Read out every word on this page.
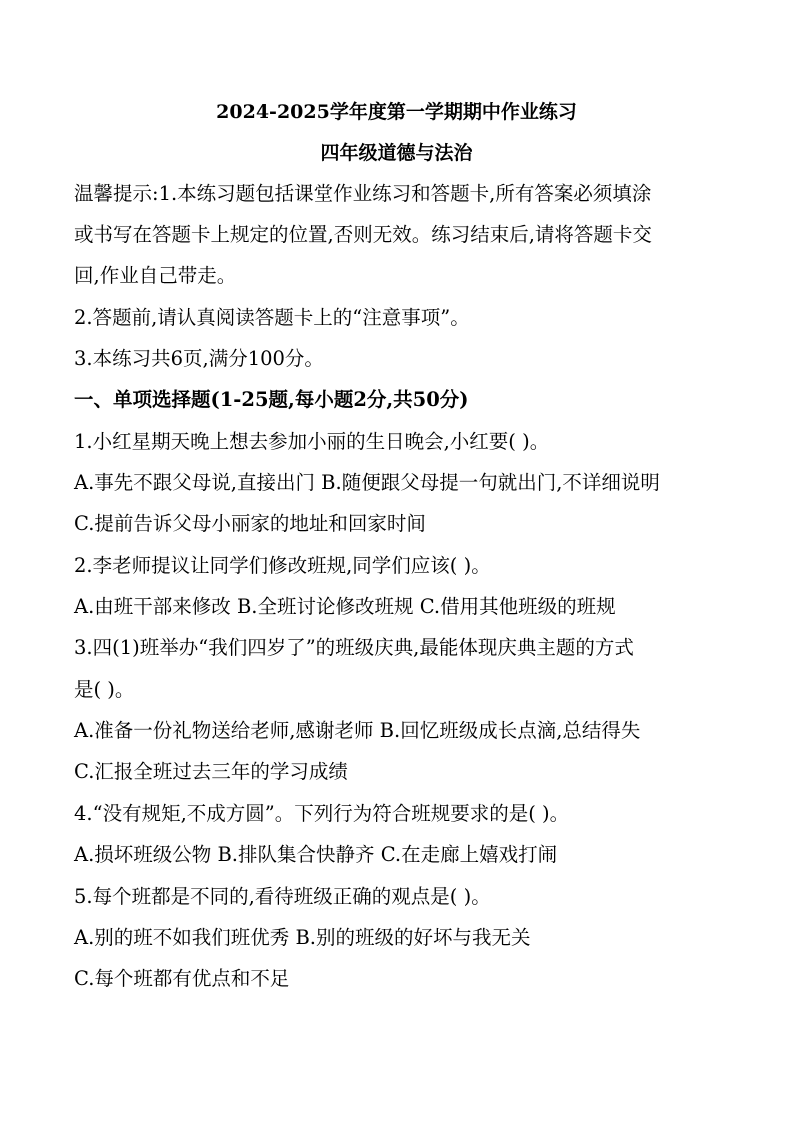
2024-2025学年度第一学期期中作业练习
四年级道德与法治
温馨提示:1.本练习题包括课堂作业练习和答题卡,所有答案必须填涂
或书写在答题卡上规定的位置,否则无效。练习结束后,请将答题卡交
回,作业自己带走。
2.答题前,请认真阅读答题卡上的“注意事项”。
3.本练习共6页,满分100分。
一、单项选择题(1-25题,每小题2分,共50分)
1.小红星期天晚上想去参加小丽的生日晚会,小红要( )。
A.事先不跟父母说,直接出门 B.随便跟父母提一句就出门,不详细说明
C.提前告诉父母小丽家的地址和回家时间
2.李老师提议让同学们修改班规,同学们应该( )。
A.由班干部来修改 B.全班讨论修改班规 C.借用其他班级的班规
3.四(1)班举办“我们四岁了”的班级庆典,最能体现庆典主题的方式
是( )。
A.准备一份礼物送给老师,感谢老师 B.回忆班级成长点滴,总结得失
C.汇报全班过去三年的学习成绩
4.“没有规矩,不成方圆”。下列行为符合班规要求的是( )。
A.损坏班级公物 B.排队集合快静齐 C.在走廊上嬉戏打闹
5.每个班都是不同的,看待班级正确的观点是( )。
A.别的班不如我们班优秀 B.别的班级的好坏与我无关
C.每个班都有优点和不足
